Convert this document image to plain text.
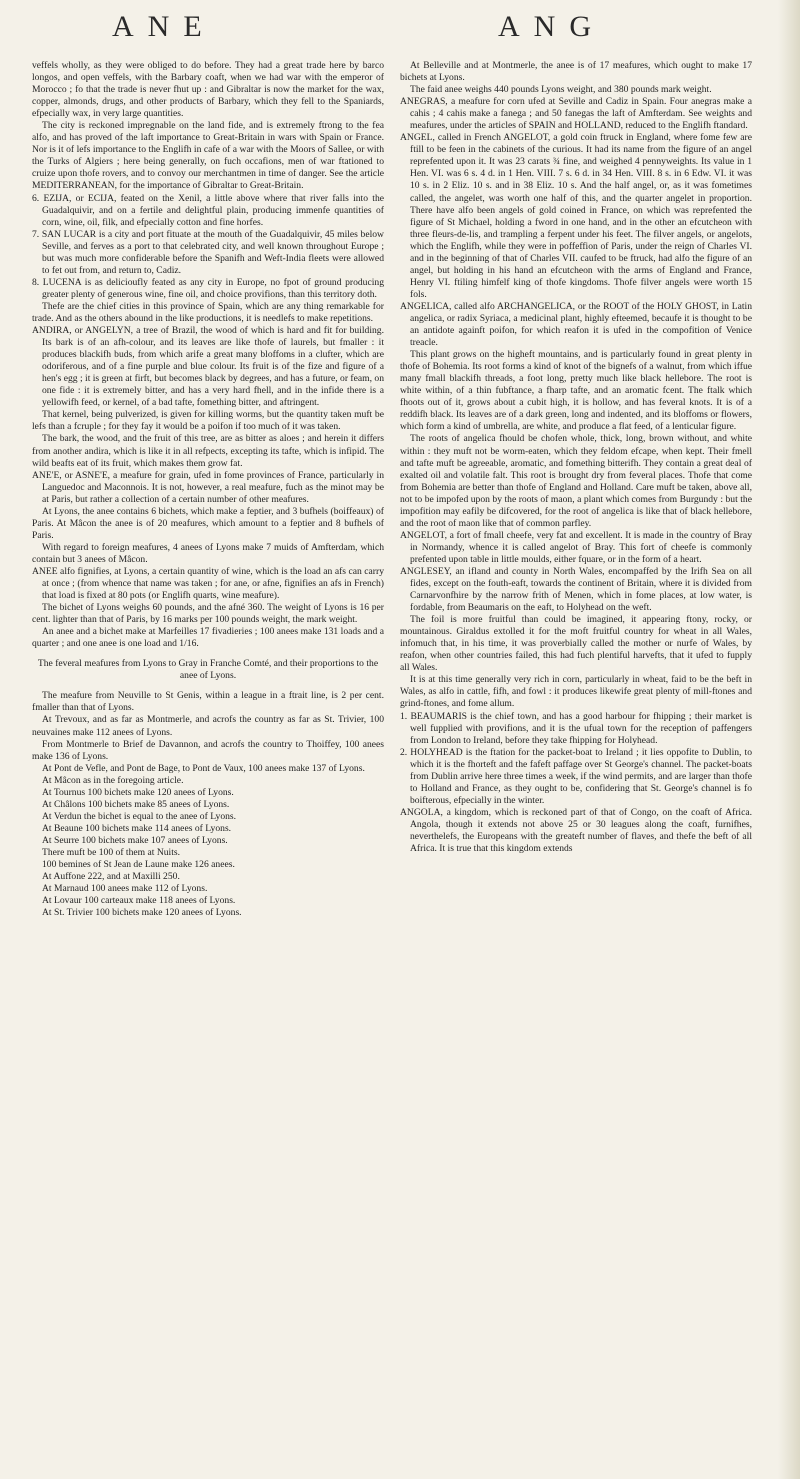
ANE	ANG

veffels wholly, as they were obliged to do before. They had a great trade here by barco longos, and open veffels, with the Barbary coaft, when we had war with the emperor of Morocco ; fo that the trade is never fhut up : and Gibraltar is now the market for the wax, copper, almonds, drugs, and other products of Barbary, which they fell to the Spaniards, efpecially wax, in very large quantities.

The city is reckoned impregnable on the land fide, and is extremely ftrong to the fea alfo, and has proved of the laft importance to Great-Britain in wars with Spain or France. Nor is it of lefs importance to the Englifh in cafe of a war with the Moors of Sallee, or with the Turks of Algiers ; here being generally, on fuch occafions, men of war ftationed to cruize upon thofe rovers, and to convoy our merchantmen in time of danger. See the article MEDITERRANEAN, for the importance of Gibraltar to Great-Britain.

6. EZIJA, or ECIJA, feated on the Xenil, a little above where that river falls into the Guadalquivir, and on a fertile and delightful plain, producing immenfe quantities of corn, wine, oil, filk, and efpecially cotton and fine horfes.

7. SAN LUCAR is a city and port fituate at the mouth of the Guadalquivir, 45 miles below Seville, and ferves as a port to that celebrated city, and well known throughout Europe ; but was much more confiderable before the Spanifh and Weft-India fleets were allowed to fet out from, and return to, Cadiz.

8. LUCENA is as delicioufly feated as any city in Europe, no fpot of ground producing greater plenty of generous wine, fine oil, and choice provifions, than this territory doth.

Thefe are the chief cities in this province of Spain, which are any thing remarkable for trade. And as the others abound in the like productions, it is needlefs to make repetitions.

ANDIRA, or ANGELYN, a tree of Brazil, the wood of which is hard and fit for building. Its bark is of an afh-colour, and its leaves are like thofe of laurels, but fmaller : it produces blackifh buds, from which arife a great many bloffoms in a clufter, which are odoriferous, and of a fine purple and blue colour. Its fruit is of the fize and figure of a hen's egg ; it is green at firft, but becomes black by degrees, and has a future, or feam, on one fide : it is extremely bitter, and has a very hard fhell, and in the infide there is a yellowifh feed, or kernel, of a bad tafte, fomething bitter, and aftringent.

That kernel, being pulverized, is given for killing worms, but the quantity taken muft be lefs than a fcruple ; for they fay it would be a poifon if too much of it was taken.

The bark, the wood, and the fruit of this tree, are as bitter as aloes ; and herein it differs from another andira, which is like it in all refpects, excepting its tafte, which is infipid. The wild beafts eat of its fruit, which makes them grow fat.

ANE'E, or ASNE'E, a meafure for grain, ufed in fome provinces of France, particularly in Languedoc and Maconnois. It is not, however, a real meafure, fuch as the minot may be at Paris, but rather a collection of a certain number of other meafures.

At Lyons, the anee contains 6 bichets, which make a feptier, and 3 bufhels (boiffeaux) of Paris. At Mâcon the anee is of 20 meafures, which amount to a feptier and 8 bufhels of Paris.

With regard to foreign meafures, 4 anees of Lyons make 7 muids of Amfterdam, which contain but 3 anees of Mâcon.

ANEE alfo fignifies, at Lyons, a certain quantity of wine, which is the load an afs can carry at once ; (from whence that name was taken ; for ane, or afne, fignifies an afs in French) that load is fixed at 80 pots (or Englifh quarts, wine meafure).

The bichet of Lyons weighs 60 pounds, and the afné 360. The weight of Lyons is 16 per cent. lighter than that of Paris, by 16 marks per 100 pounds weight, the mark weight.

An anee and a bichet make at Marfeilles 17 fivadieries ; 100 anees make 131 loads and a quarter ; and one anee is one load and 1/16.

The feveral meafures from Lyons to Gray in Franche Comté, and their proportions to the anee of Lyons.

The meafure from Neuville to St Genis, within a league in a ftrait line, is 2 per cent. fmaller than that of Lyons.

At Trevoux, and as far as Montmerle, and acrofs the country as far as St. Trivier, 100 neuvaines make 112 anees of Lyons.

From Montmerle to Brief de Davannon, and acrofs the country to Thoiffey, 100 anees make 136 of Lyons.

At Pont de Vefle, and Pont de Bage, to Pont de Vaux, 100 anees make 137 of Lyons.

At Mâcon as in the foregoing article.

At Tournus 100 bichets make 120 anees of Lyons.

At Châlons 100 bichets make 85 anees of Lyons.

At Verdun the bichet is equal to the anee of Lyons.

At Beaune 100 bichets make 114 anees of Lyons.

At Seurre 100 bichets make 107 anees of Lyons.

There muft be 100 of them at Nuits.

100 bemines of St Jean de Laune make 126 anees.

At Auffone 222, and at Maxilli 250.

At Marnaud 100 anees make 112 of Lyons.

At Lovaur 100 carteaux make 118 anees of Lyons.

At St. Trivier 100 bichets make 120 anees of Lyons.

At Belleville and at Montmerle, the anee is of 17 meafures, which ought to make 17 bichets at Lyons.

The faid anee weighs 440 pounds Lyons weight, and 380 pounds mark weight.

ANEGRAS, a meafure for corn ufed at Seville and Cadiz in Spain. Four anegras make a cahis ; 4 cahis make a fanega ; and 50 fanegas the laft of Amfterdam. See weights and meafures, under the articles of SPAIN and HOLLAND, reduced to the Englifh ftandard.

ANGEL, called in French ANGELOT, a gold coin ftruck in England, where fome few are ftill to be feen in the cabinets of the curious. It had its name from the figure of an angel reprefented upon it. It was 23 carats ¾ fine, and weighed 4 pennyweights. Its value in 1 Hen. VI. was 6 s. 4 d. in 1 Hen. VIII. 7 s. 6 d. in 34 Hen. VIII. 8 s. in 6 Edw. VI. it was 10 s. in 2 Eliz. 10 s. and in 38 Eliz. 10 s. And the half angel, or, as it was fometimes called, the angelet, was worth one half of this, and the quarter angelet in proportion. There have alfo been angels of gold coined in France, on which was reprefented the figure of St Michael, holding a fword in one hand, and in the other an efcutcheon with three fleurs-de-lis, and trampling a ferpent under his feet. The filver angels, or angelots, which the Englifh, while they were in poffeffion of Paris, under the reign of Charles VI. and in the beginning of that of Charles VII. caufed to be ftruck, had alfo the figure of an angel, but holding in his hand an efcutcheon with the arms of England and France, Henry VI. ftiling himfelf king of thofe kingdoms. Thofe filver angels were worth 15 fols.

ANGELICA, called alfo ARCHANGELICA, or the ROOT of the HOLY GHOST, in Latin angelica, or radix Syriaca, a medicinal plant, highly efteemed, becaufe it is thought to be an antidote againft poifon, for which reafon it is ufed in the compofition of Venice treacle.

This plant grows on the higheft mountains, and is particularly found in great plenty in thofe of Bohemia. Its root forms a kind of knot of the bignefs of a walnut, from which iffue many fmall blackifh threads, a foot long, pretty much like black hellebore. The root is white within, of a thin fubftance, a fharp tafte, and an aromatic fcent. The ftalk which fhoots out of it, grows about a cubit high, it is hollow, and has feveral knots. It is of a reddifh black. Its leaves are of a dark green, long and indented, and its bloffoms or flowers, which form a kind of umbrella, are white, and produce a flat feed, of a lenticular figure.

The roots of angelica fhould be chofen whole, thick, long, brown without, and white within : they muft not be worm-eaten, which they feldom efcape, when kept. Their fmell and tafte muft be agreeable, aromatic, and fomething bitterifh. They contain a great deal of exalted oil and volatile falt. This root is brought dry from feveral places. Thofe that come from Bohemia are better than thofe of England and Holland. Care muft be taken, above all, not to be impofed upon by the roots of maon, a plant which comes from Burgundy : but the impofition may eafily be difcovered, for the root of angelica is like that of black hellebore, and the root of maon like that of common parfley.

ANGELOT, a fort of fmall cheefe, very fat and excellent. It is made in the country of Bray in Normandy, whence it is called angelot of Bray. This fort of cheefe is commonly prefented upon table in little moulds, either fquare, or in the form of a heart.

ANGLESEY, an ifland and county in North Wales, encompaffed by the Irifh Sea on all fides, except on the fouth-eaft, towards the continent of Britain, where it is divided from Carnarvonfhire by the narrow frith of Menen, which in fome places, at low water, is fordable, from Beaumaris on the eaft, to Holyhead on the weft.

The foil is more fruitful than could be imagined, it appearing ftony, rocky, or mountainous. Giraldus extolled it for the moft fruitful country for wheat in all Wales, infomuch that, in his time, it was proverbially called the mother or nurfe of Wales, by reafon, when other countries failed, this had fuch plentiful harvefts, that it ufed to fupply all Wales.

It is at this time generally very rich in corn, particularly in wheat, faid to be the beft in Wales, as alfo in cattle, fifh, and fowl : it produces likewife great plenty of mill-ftones and grind-ftones, and fome allum.

1. BEAUMARIS is the chief town, and has a good harbour for fhipping ; their market is well fupplied with provifions, and it is the ufual town for the reception of paffengers from London to Ireland, before they take fhipping for Holyhead.

2. HOLYHEAD is the ftation for the packet-boat to Ireland ; it lies oppofite to Dublin, to which it is the fhorteft and the fafeft paffage over St George's channel. The packet-boats from Dublin arrive here three times a week, if the wind permits, and are larger than thofe to Holland and France, as they ought to be, confidering that St. George's channel is fo boifterous, efpecially in the winter.

ANGOLA, a kingdom, which is reckoned part of that of Congo, on the coaft of Africa. Angola, though it extends not above 25 or 30 leagues along the coaft, furnifhes, neverthelefs, the Europeans with the greateft number of flaves, and thefe the beft of all Africa. It is true that this kingdom extends
